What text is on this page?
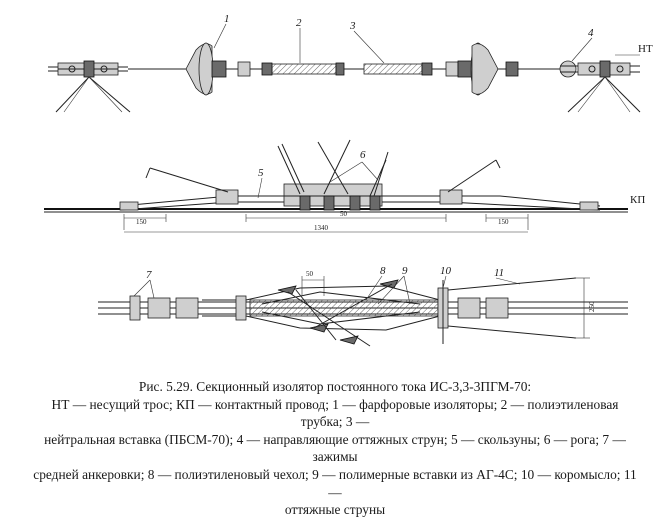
1	2	3
4
НТ
5
6
КП
150
50
150
1340
7	50	8 9	10	11
250
Рис. 5.29. Секционный изолятор постоянного тока ИС-3,3-3ПГМ-70:
НТ — несущий трос; КП — контактный провод; 1 — фарфоровые изоляторы; 2 — полиэтиленовая трубка; 3 —
нейтральная вставка (ПБСМ-70); 4 — направляющие оттяжных струн; 5 — скользуны; 6 — рога; 7 — зажимы
средней анкеровки; 8 — полиэтиленовый чехол; 9 — полимерные вставки из АГ-4С; 10 — коромысло; 11 —
оттяжные струны
